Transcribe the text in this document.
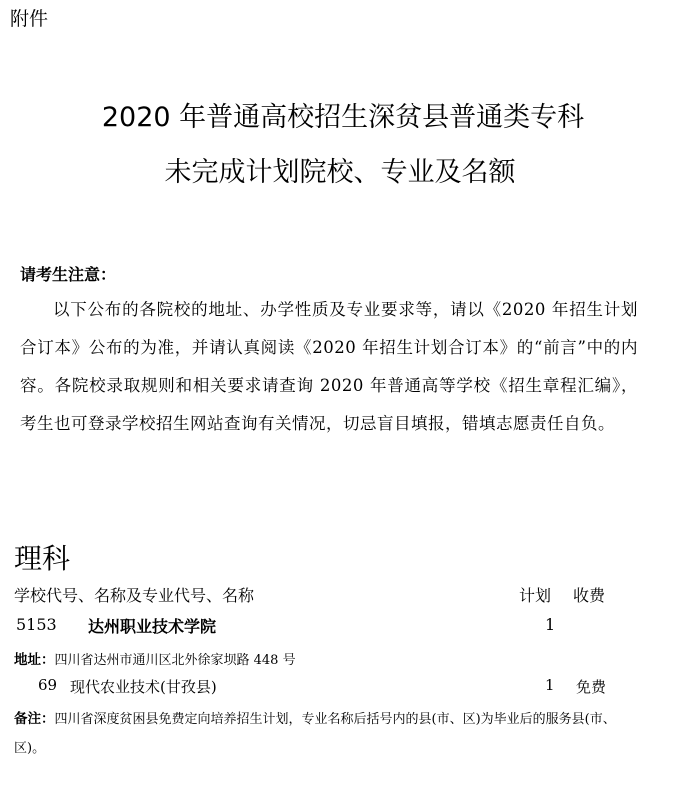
附件
2020 年普通高校招生深贫县普通类专科
未完成计划院校、专业及名额
请考生注意：
以下公布的各院校的地址、办学性质及专业要求等，请以《2020 年招生计划合订本》公布的为准，并请认真阅读《2020 年招生计划合订本》的“前言”中的内容。各院校录取规则和相关要求请查询 2020 年普通高等学校《招生章程汇编》，考生也可登录学校招生网站查询有关情况，切忌盲目填报，错填志愿责任自负。
理科
学校代号、名称及专业代号、名称	计划 收费
5153 达州职业技术学院	1
地址：四川省达州市通川区北外徐家坝路 448 号
69 现代农业技术(甘孜县)	1 免费
备注：四川省深度贫困县免费定向培养招生计划，专业名称后括号内的县(市、区)为毕业后的服务县(市、区)。
